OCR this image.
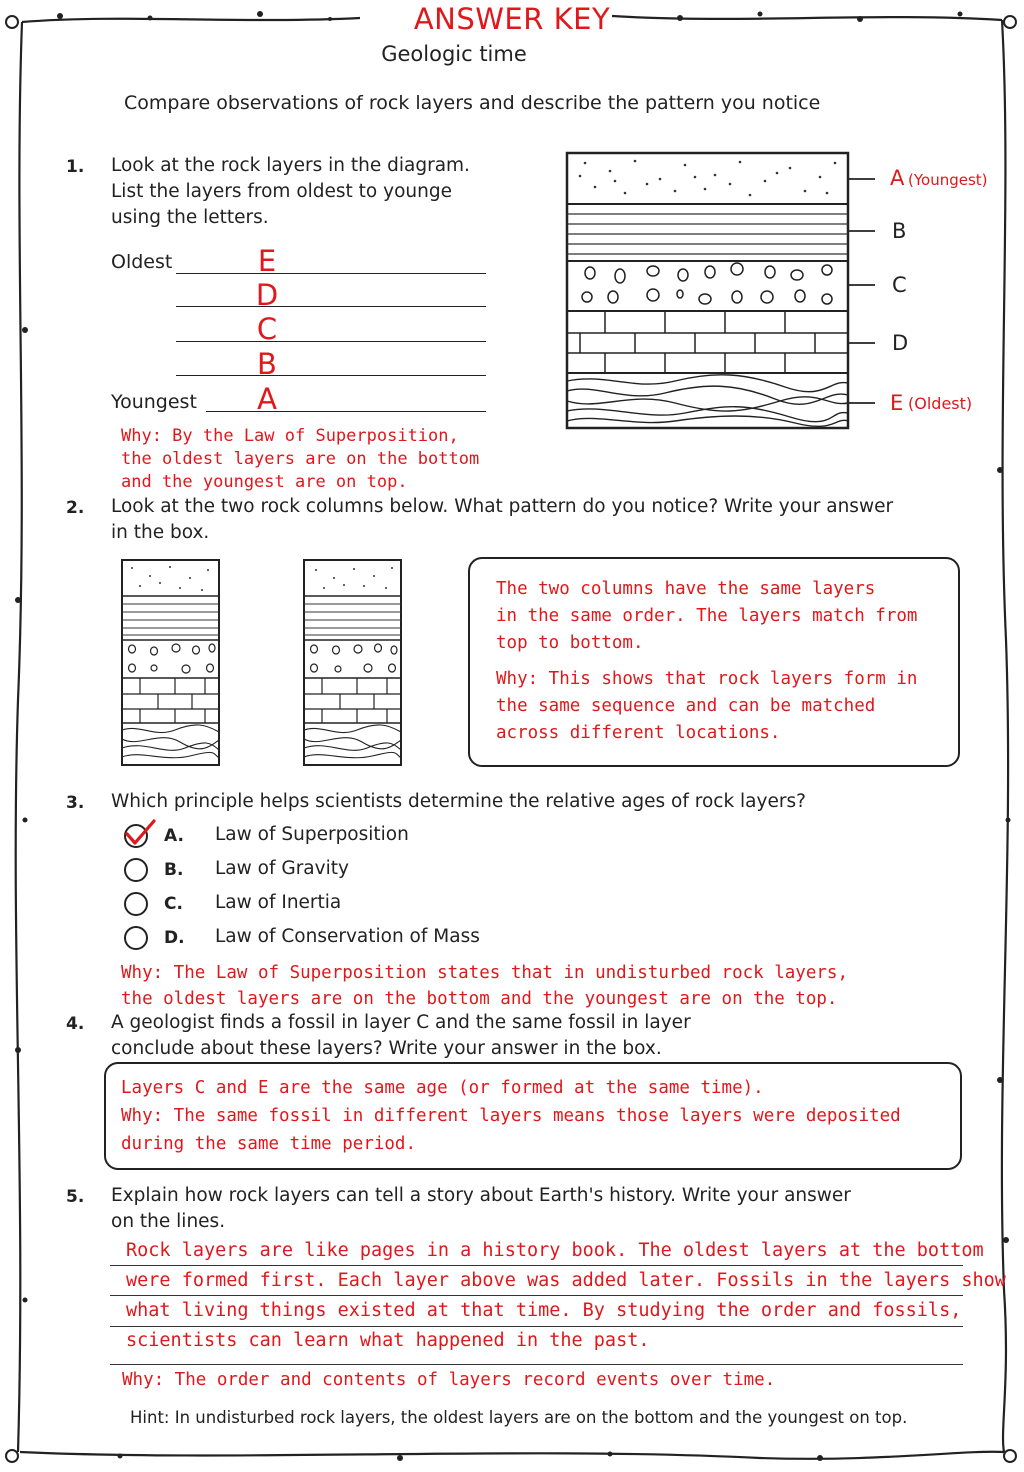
ANSWER KEY
Geologic time
Compare observations of rock layers and describe the pattern you notice
1. Look at the rock layers in the diagram.
List the layers from oldest to younge
using the letters.
Oldest
Youngest
E
D
C
B
A
Why: By the Law of Superposition,
the oldest layers are on the bottom
and the youngest are on top.
A (Youngest)
B
C
D
E (Oldest)
2. Look at the two rock columns below. What pattern do you notice? Write your answer
in the box.
The two columns have the same layers
in the same order. The layers match from
top to bottom.
Why: This shows that rock layers form in
the same sequence and can be matched
across different locations.
3. Which principle helps scientists determine the relative ages of rock layers?
A. Law of Superposition
B. Law of Gravity
C. Law of Inertia
D. Law of Conservation of Mass
Why: The Law of Superposition states that in undisturbed rock layers,
the oldest layers are on the bottom and the youngest are on the top.
4. A geologist finds a fossil in layer C and the same fossil in layer
conclude about these layers? Write your answer in the box.
Layers C and E are the same age (or formed at the same time).
Why: The same fossil in different layers means those layers were deposited
during the same time period.
5. Explain how rock layers can tell a story about Earth's history. Write your answer
on the lines.
Rock layers are like pages in a history book. The oldest layers at the bottom
were formed first. Each layer above was added later. Fossils in the layers show
what living things existed at that time. By studying the order and fossils,
scientists can learn what happened in the past.
Why: The order and contents of layers record events over time.
Hint: In undisturbed rock layers, the oldest layers are on the bottom and the youngest on top.
